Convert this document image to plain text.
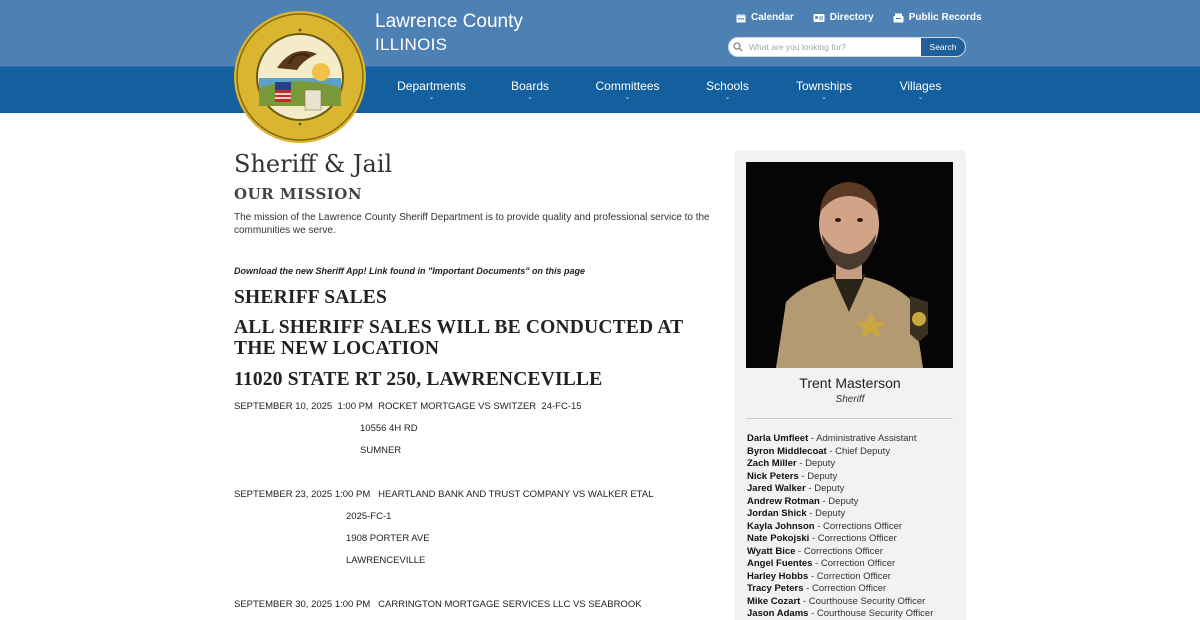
Lawrence County
ILLINOIS
Calendar	Directory	Public Records
What are you looking for?
Search
Departments
⌄
Boards
⌄
Committees
⌄
Schools
⌄
Townships
⌄
Villages
⌄
Sheriff & Jail
OUR MISSION

The mission of the Lawrence County Sheriff Department is to provide quality and professional service to the communities we serve.

Download the new Sheriff App! Link found in "Important Documents" on this page

SHERIFF SALES
ALL SHERIFF SALES WILL BE CONDUCTED AT THE NEW LOCATION
11020 STATE RT 250, LAWRENCEVILLE
SEPTEMBER 10, 2025  1:00 PM  ROCKET MORTGAGE VS SWITZER  24-FC-15
10556 4H RD
SUMNER
SEPTEMBER 23, 2025 1:00 PM   HEARTLAND BANK AND TRUST COMPANY VS WALKER ETAL
2025-FC-1
1908 PORTER AVE
LAWRENCEVILLE
SEPTEMBER 30, 2025 1:00 PM   CARRINGTON MORTGAGE SERVICES LLC VS SEABROOK
Trent Masterson
Sheriff
Darla Umfleet - Administrative Assistant
Byron Middlecoat - Chief Deputy
Zach Miller - Deputy
Nick Peters - Deputy
Jared Walker - Deputy
Andrew Rotman - Deputy
Jordan Shick - Deputy
Kayla Johnson - Corrections Officer
Nate Pokojski - Corrections Officer
Wyatt Bice - Corrections Officer
Angel Fuentes - Correction Officer
Harley Hobbs - Correction Officer
Tracy Peters - Correction Officer
Mike Cozart - Courthouse Security Officer
Jason Adams - Courthouse Security Officer
